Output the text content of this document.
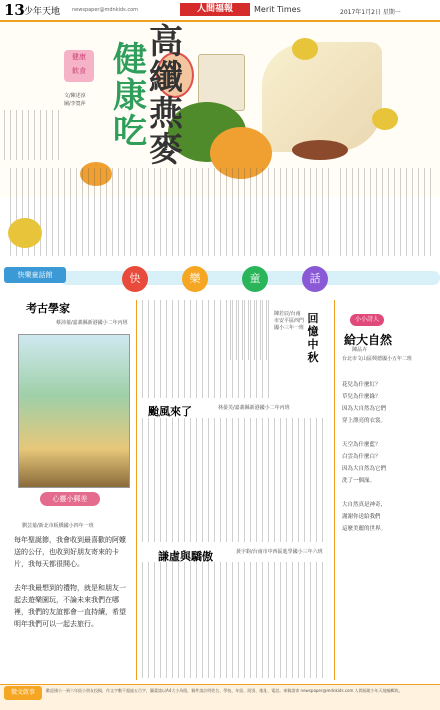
13 少年天地 newspaper@mdnkids.com	人間福報	Merit Times	2017年1月2日 星期一
健康
飲食
文/陳述淳
圖/李寬萍
健
康
吃
高
纖
燕
麥
快樂童話館	快	樂	童	話
考古學家
蔡沛蓁/嘉義縣新港國小二年丙班
心靈小郵差
劉芸蓁/新北市板橋國小四年一班
每年聖誕節，我會收到最喜歡的阿嬤送的公仔，也收到好朋友寄來的卡片，我每天都很開心。
去年我最想到的禮物，就是和朋友一起去遊樂園玩，不論未來我們在哪裡，我們的友誼都會一直持續，希望明年我們可以一起去旅行。
陳若辰/台南市安平區西門國小三年一班
回憶中秋
颱風來了	林晏芙/嘉義縣新港國小二年丙班
謙虛與驕傲	黃宇鈞/台南市中西區進學國小三年六班
小小詩人
給大自然
陳品卉
台北市文山區興德國小五年二班
花兒為什麼紅？
草兒為什麼綠？
因為大自然為它們
穿上漂亮的衣裳。
天空為什麼藍？
白雲為什麼白？
因為大自然為它們
洗了一個澡。
大自然真是神奇，
謝謝你送給我們
這麼美麗的世界。
徵文啟事	歡迎國小一到六年級小朋友投稿，作文字數不超過五百字，圖畫請以A4大小為限，稿件請註明姓名、學校、年級、班別、地址、電話。來稿請寄 newspaper@mdnkids.com 人間福報少年天地編輯收。
